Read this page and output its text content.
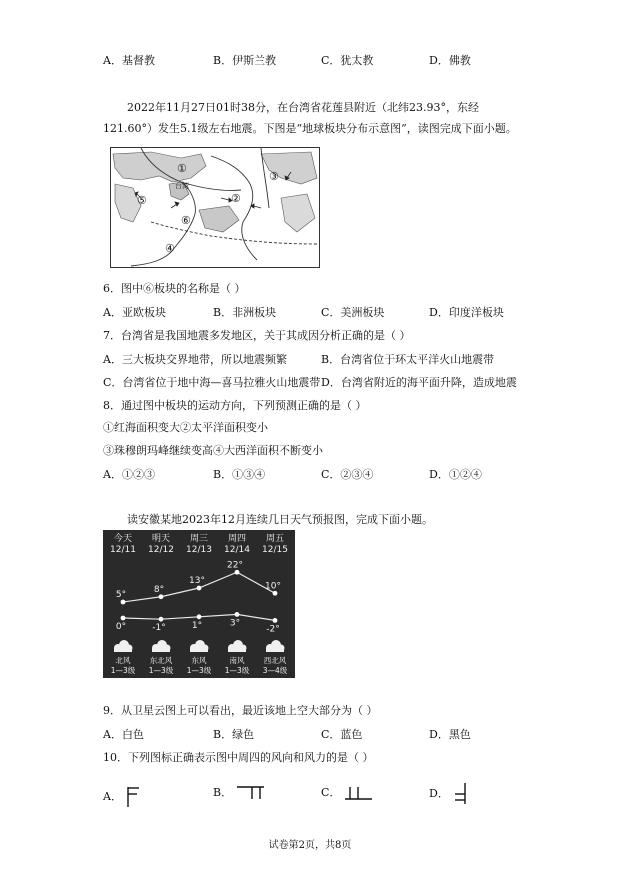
A．基督教	B．伊斯兰教	C．犹太教	D．佛教
2022年11月27日01时38分，在台湾省花莲县附近（北纬23.93°，东经
121.60°）发生5.1级左右地震。下图是“地球板块分布示意图”，读图完成下面小题。
①
②
③
④
⑤
⑥
台湾
6．图中⑥板块的名称是（ ）
A．亚欧板块	B．非洲板块	C．美洲板块	D．印度洋板块
7．台湾省是我国地震多发地区，关于其成因分析正确的是（ ）
A．三大板块交界地带，所以地震频繁	B．台湾省位于环太平洋火山地震带
C．台湾省位于地中海—喜马拉雅火山地震带 D．台湾省附近的海平面升降，造成地震
8．通过图中板块的运动方向，下列预测正确的是（ ）
①红海面积变大②太平洋面积变小
③珠穆朗玛峰继续变高④大西洋面积不断变小
A．①②③	B．①③④	C．②③④	D．①②④
读安徽某地2023年12月连续几日天气预报图，完成下面小题。
今天
12/11
北风
1—3级
明天
12/12
东北风
1—3级
周三
12/13
东风
1—3级
周四
12/14
南风
1—3级
周五
12/15
西北风
3—4级
5°
0°
8°
-1°
13°
1°
22°
3°
10°
-2°
9．从卫星云图上可以看出，最近该地上空大部分为（ ）
A．白色	B．绿色	C．蓝色	D．黑色
10．下列图标正确表示图中周四的风向和风力的是（ ）
A．	B．	C．	D．
试卷第2页，共8页
